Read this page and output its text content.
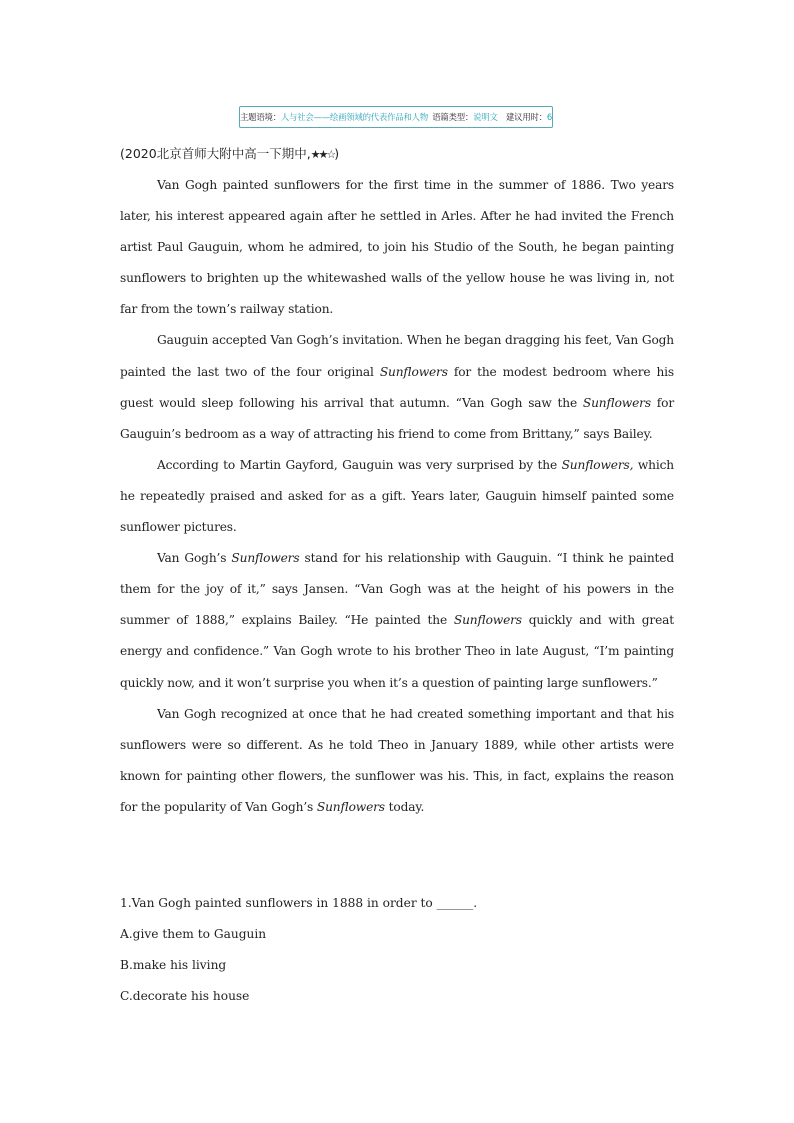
主题语境： 人与社会——绘画领域的代表作品和人物 语篇类型： 说明文 建议用时： 6
(2020北京首师大附中高一下期中,★★☆)

Van Gogh painted sunflowers for the first time in the summer of 1886. Two years later, his interest appeared again after he settled in Arles. After he had invited the French artist Paul Gauguin, whom he admired, to join his Studio of the South, he began painting sunflowers to brighten up the whitewashed walls of the yellow house he was living in, not far from the town’s railway station.

Gauguin accepted Van Gogh’s invitation. When he began dragging his feet, Van Gogh painted the last two of the four original Sunflowers for the modest bedroom where his guest would sleep following his arrival that autumn. “Van Gogh saw the Sunflowers for Gauguin’s bedroom as a way of attracting his friend to come from Brittany,” says Bailey.

According to Martin Gayford, Gauguin was very surprised by the Sunflowers, which he repeatedly praised and asked for as a gift. Years later, Gauguin himself painted some sunflower pictures.

Van Gogh’s Sunflowers stand for his relationship with Gauguin. “I think he painted them for the joy of it,” says Jansen. “Van Gogh was at the height of his powers in the summer of 1888,” explains Bailey. “He painted the Sunflowers quickly and with great energy and confidence.” Van Gogh wrote to his brother Theo in late August, “I’m painting quickly now, and it won’t surprise you when it’s a question of painting large sunflowers.”

Van Gogh recognized at once that he had created something important and that his sunflowers were so different. As he told Theo in January 1889, while other artists were known for painting other flowers, the sunflower was his. This, in fact, explains the reason for the popularity of Van Gogh’s Sunflowers today.

1.Van Gogh painted sunflowers in 1888 in order to ______.
A.give them to Gauguin
B.make his living
C.decorate his house
